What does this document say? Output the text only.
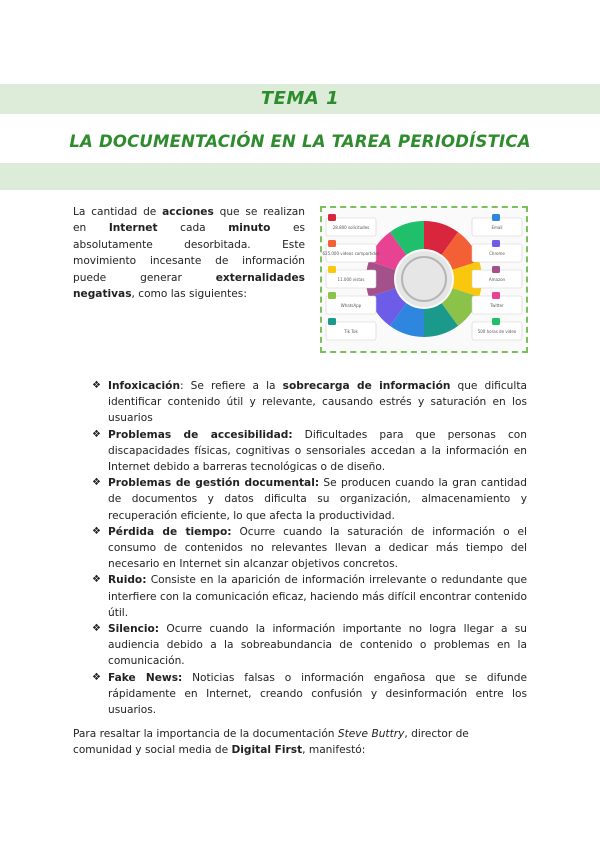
TEMA 1
LA DOCUMENTACIÓN EN LA TAREA PERIODÍSTICA
La cantidad de acciones que se realizan en Internet cada minuto es absolutamente desorbitada. Este movimiento incesante de información puede generar externalidades negativas, como las siguientes:
28.800 solicitudes
625.000 videos compartidos
11.000 vistas
WhatsApp
Tik Tok
Email
Chrome
Amazon
Twitter
500 horas de video
❖ Infoxicación: Se refiere a la sobrecarga de información que dificulta identificar contenido útil y relevante, causando estrés y saturación en los usuarios
❖ Problemas de accesibilidad: Dificultades para que personas con discapacidades físicas, cognitivas o sensoriales accedan a la información en Internet debido a barreras tecnológicas o de diseño.
❖ Problemas de gestión documental: Se producen cuando la gran cantidad de documentos y datos dificulta su organización, almacenamiento y recuperación eficiente, lo que afecta la productividad.
❖ Pérdida de tiempo: Ocurre cuando la saturación de información o el consumo de contenidos no relevantes llevan a dedicar más tiempo del necesario en Internet sin alcanzar objetivos concretos.
❖ Ruido: Consiste en la aparición de información irrelevante o redundante que interfiere con la comunicación eficaz, haciendo más difícil encontrar contenido útil.
❖ Silencio: Ocurre cuando la información importante no logra llegar a su audiencia debido a la sobreabundancia de contenido o problemas en la comunicación.
❖ Fake News: Noticias falsas o información engañosa que se difunde rápidamente en Internet, creando confusión y desinformación entre los usuarios.
Para resaltar la importancia de la documentación Steve Buttry, director de comunidad y social media de Digital First, manifestó:
